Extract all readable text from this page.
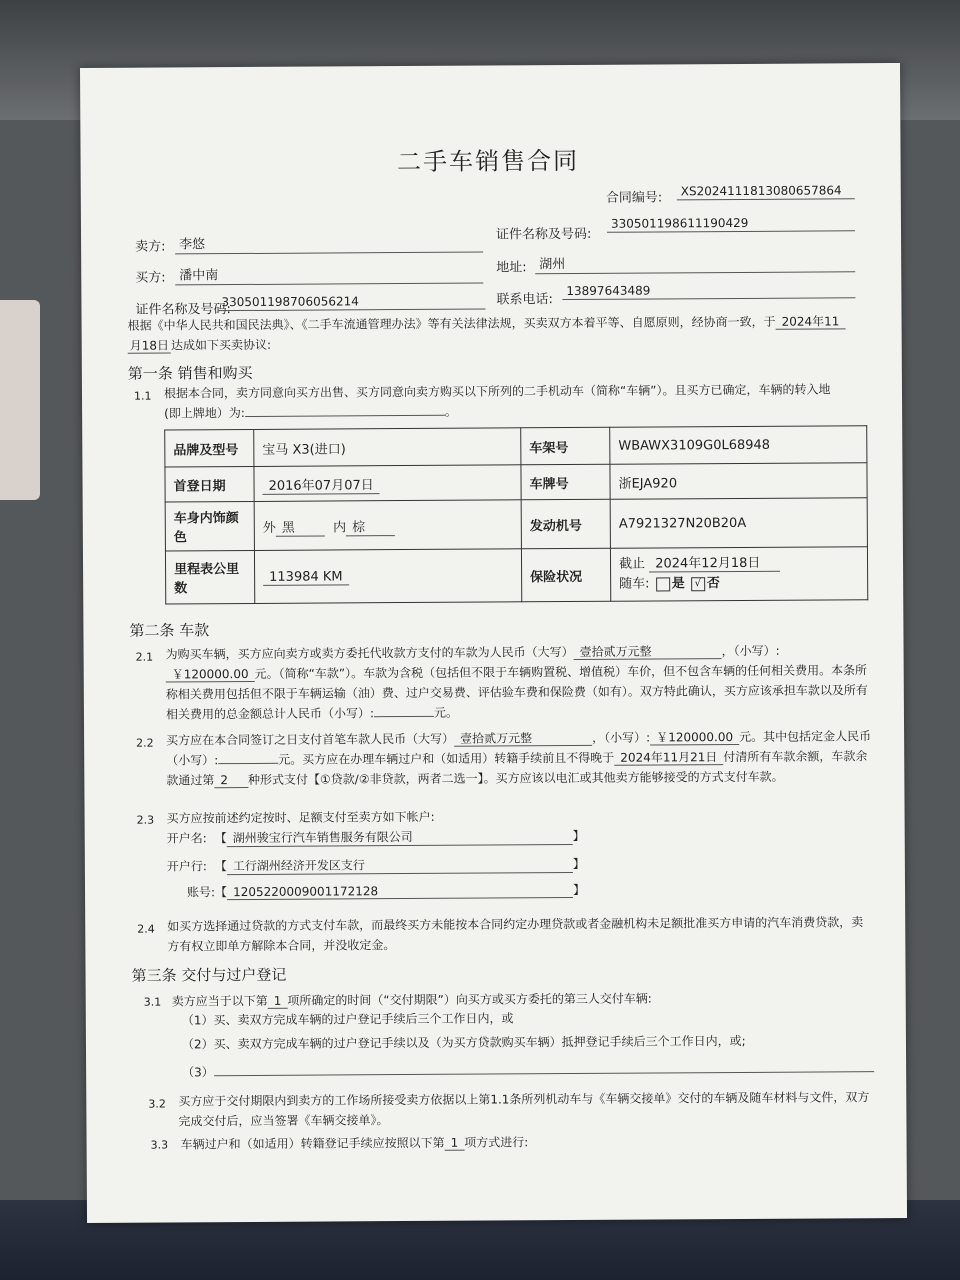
二手车销售合同
合同编号:	XS2024111813080657864
卖方:	李悠
证件名称及号码:
330501198611190429
买方:	潘中南
地址: 湖州
证件名称及号码:
330501198706056214	联系电话:
13897643489
根据《中华人民共和国民法典》、《二手车流通管理办法》等有关法律法规，买卖双方本着平等、自愿原则，经协商一致，于 2024年11
月18日 达成如下买卖协议:
第一条 销售和购买
1.1 根据本合同，卖方同意向买方出售、买方同意向卖方购买以下所列的二手机动车（简称“车辆”）。且买方已确定，车辆的转入地
(即上牌地）为:	。
品牌及型号	宝马 X3(进口)	车架号	WBAWX3109G0L68948
首登日期	2016年07月07日	车牌号	浙EJA920
车身内饰颜色	外 黑 内 棕	发动机号	A7921327N20B20A
里程表公里数	113984 KM	保险状况	截止 2024年12月18日
随车: 是 √ 否
第二条 车款
2.1 为购买车辆，买方应向卖方或卖方委托代收款方支付的车款为人民币（大写） 壹拾贰万元整	，（小写）: ￥120000.00 元。（简称“车款”）。车款为含税（包括但不限于车辆购置税、增值税）车价，但不包含车辆的任何相关费用。本条所称相关费用包括但不限于车辆运输（油）费、过户交易费、评估验车费和保险费（如有）。双方特此确认，买方应该承担车款以及所有相关费用的总金额总计人民币（小写）:	元。
2.2 买方应在本合同签订之日支付首笔车款人民币（大写） 壹拾贰万元整	，（小写）: ￥120000.00 元。其中包括定金人民币（小写）:	元。买方应在办理车辆过户和（如适用）转籍手续前且不得晚于 2024年11月21日 付清所有车款余额，车款余款通过第 2 种形式支付【①贷款/②非贷款，两者二选一】。买方应该以电汇或其他卖方能够接受的方式支付车款。
2.3 买方应按前述约定按时、足额支付至卖方如下帐户:
开户名: 【 湖州骏宝行汽车销售服务有限公司	】
开户行: 【 工行湖州经济开发区支行	】
账号:【 1205220009001172128	】
2.4 如买方选择通过贷款的方式支付车款，而最终买方未能按本合同约定办理贷款或者金融机构未足额批准买方申请的汽车消费贷款，卖方有权立即单方解除本合同，并没收定金。
第三条 交付与过户登记
3.1 卖方应当于以下第 1 项所确定的时间（“交付期限”）向买方或买方委托的第三人交付车辆:
（1）买、卖双方完成车辆的过户登记手续后三个工作日内，或
（2）买、卖双方完成车辆的过户登记手续以及（为买方贷款购买车辆）抵押登记手续后三个工作日内，或;
（3）
3.2 买方应于交付期限内到卖方的工作场所接受卖方依据以上第1.1条所列机动车与《车辆交接单》交付的车辆及随车材料与文件，双方完成交付后，应当签署《车辆交接单》。
3.3 车辆过户和（如适用）转籍登记手续应按照以下第 1 项方式进行:
